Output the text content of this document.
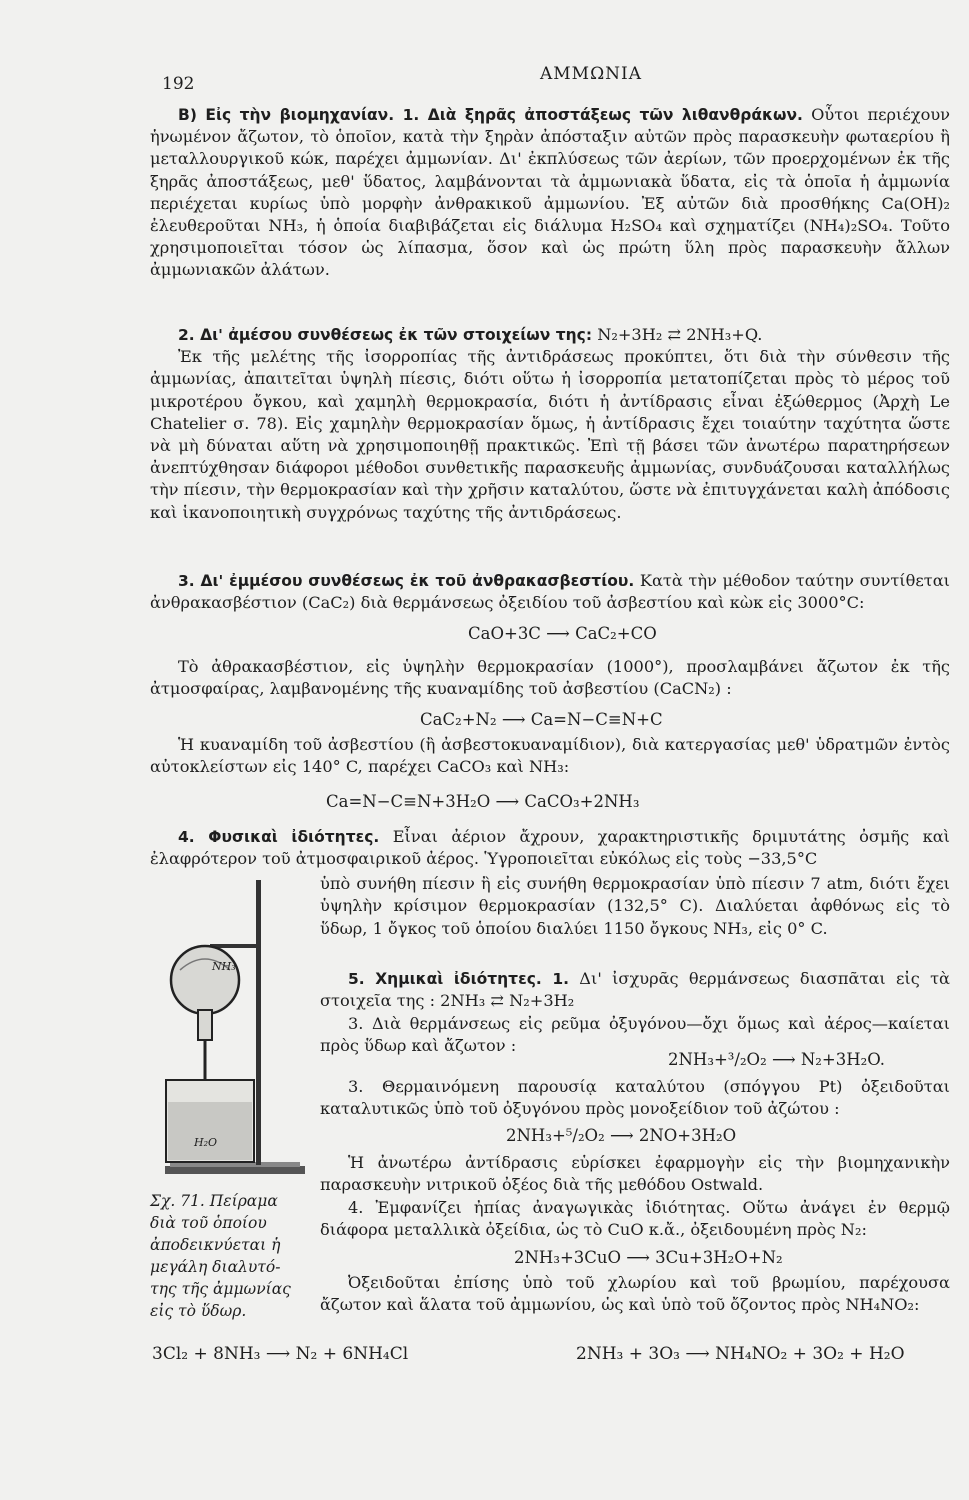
192	ΑΜΜΩΝΙΑ

Β) Εἰς τὴν βιομηχανίαν. 1. Διὰ ξηρᾶς ἀποστάξεως τῶν λιθανθράκων. Οὗτοι περιέχουν ἡνωμένον ἄζωτον, τὸ ὁποῖον, κατὰ τὴν ξηρὰν ἀπόσταξιν αὐτῶν πρὸς παρασκευὴν φωταερίου ἢ μεταλλουργικοῦ κώκ, παρέχει ἀμμωνίαν. Δι' ἐκπλύσεως τῶν ἀερίων, τῶν προερχομένων ἐκ τῆς ξηρᾶς ἀποστάξεως, μεθ' ὕδατος, λαμβάνονται τὰ ἀμμωνιακὰ ὕδατα, εἰς τὰ ὁποῖα ἡ ἀμμωνία περιέχεται κυρίως ὑπὸ μορφὴν ἀνθρακικοῦ ἀμμωνίου. Ἐξ αὐτῶν διὰ προσθήκης Ca(OH)₂ ἐλευθεροῦται NH₃, ἡ ὁποία διαβιβάζεται εἰς διάλυμα H₂SO₄ καὶ σχηματίζει (NH₄)₂SO₄. Τοῦτο χρησιμοποιεῖται τόσον ὡς λίπασμα, ὅσον καὶ ὡς πρώτη ὕλη πρὸς παρασκευὴν ἄλλων ἀμμωνιακῶν ἀλάτων.

2. Δι' ἀμέσου συνθέσεως ἐκ τῶν στοιχείων της: N₂+3H₂ ⇄ 2NH₃+Q.

Ἐκ τῆς μελέτης τῆς ἰσορροπίας τῆς ἀντιδράσεως προκύπτει, ὅτι διὰ τὴν σύνθεσιν τῆς ἀμμωνίας, ἀπαιτεῖται ὑψηλὴ πίεσις, διότι οὕτω ἡ ἰσορροπία μετατοπίζεται πρὸς τὸ μέρος τοῦ μικροτέρου ὄγκου, καὶ χαμηλὴ θερμοκρασία, διότι ἡ ἀντίδρασις εἶναι ἐξώθερμος (Ἀρχὴ Le Chatelier σ. 78). Εἰς χαμηλὴν θερμοκρασίαν ὅμως, ἡ ἀντίδρασις ἔχει τοιαύτην ταχύτητα ὥστε νὰ μὴ δύναται αὕτη νὰ χρησιμοποιηθῇ πρακτικῶς. Ἐπὶ τῇ βάσει τῶν ἀνωτέρω παρατηρήσεων ἀνεπτύχθησαν διάφοροι μέθοδοι συνθετικῆς παρασκευῆς ἀμμωνίας, συνδυάζουσαι καταλλήλως τὴν πίεσιν, τὴν θερμοκρασίαν καὶ τὴν χρῆσιν καταλύτου, ὥστε νὰ ἐπιτυγχάνεται καλὴ ἀπόδοσις καὶ ἱκανοποιητικὴ συγχρόνως ταχύτης τῆς ἀντιδράσεως.

3. Δι' ἐμμέσου συνθέσεως ἐκ τοῦ ἀνθρακασβεστίου. Κατὰ τὴν μέθοδον ταύτην συντίθεται ἀνθρακασβέστιον (CaC₂) διὰ θερμάνσεως ὀξειδίου τοῦ ἀσβεστίου καὶ κὼκ εἰς 3000°C:

CaO+3C ⟶ CaC₂+CO

Τὸ ἀθρακασβέστιον, εἰς ὑψηλὴν θερμοκρασίαν (1000°), προσλαμβάνει ἄζωτον ἐκ τῆς ἀτμοσφαίρας, λαμβανομένης τῆς κυαναμίδης τοῦ ἀσβεστίου (CaCN₂) :

CaC₂+N₂ ⟶ Ca=N−C≡N+C

Ἡ κυαναμίδη τοῦ ἀσβεστίου (ἢ ἀσβεστοκυαναμίδιον), διὰ κατεργασίας μεθ' ὑδρατμῶν ἐντὸς αὐτοκλείστων εἰς 140° C, παρέχει CaCO₃ καὶ NH₃:

Ca=N−C≡N+3H₂O ⟶ CaCO₃+2NH₃

4. Φυσικαὶ ἰδιότητες. Εἶναι ἀέριον ἄχρουν, χαρακτηριστικῆς δριμυτάτης ὀσμῆς καὶ ἐλαφρότερον τοῦ ἀτμοσφαιρικοῦ ἀέρος. Ὑγροποιεῖται εὐκόλως εἰς τοὺς −33,5°C

NH₃
H₂O
Σχ. 71. Πείραμα
διὰ τοῦ ὁποίου
ἀποδεικνύεται ἡ
μεγάλη διαλυτό-
της τῆς ἀμμωνίας
εἰς τὸ ὕδωρ.

ὑπὸ συνήθη πίεσιν ἢ εἰς συνήθη θερμοκρασίαν ὑπὸ πίεσιν 7 atm, διότι ἔχει ὑψηλὴν κρίσιμον θερμοκρασίαν (132,5° C). Διαλύεται ἀφθόνως εἰς τὸ ὕδωρ, 1 ὄγκος τοῦ ὁποίου διαλύει 1150 ὄγκους NH₃, εἰς 0° C.

5. Χημικαὶ ἰδιότητες. 1. Δι' ἰσχυρᾶς θερμάνσεως διασπᾶται εἰς τὰ στοιχεῖα της : 2NH₃ ⇄ N₂+3H₂

3. Διὰ θερμάνσεως εἰς ρεῦμα ὀξυγόνου—ὄχι ὅμως καὶ ἀέρος—καίεται πρὸς ὕδωρ καὶ ἄζωτον :

2NH₃+³/₂O₂ ⟶ N₂+3H₂O.

3. Θερμαινόμενη παρουσίᾳ καταλύτου (σπόγγου Pt) ὀξειδοῦται καταλυτικῶς ὑπὸ τοῦ ὀξυγόνου πρὸς μονοξείδιον τοῦ ἀζώτου :

2NH₃+⁵/₂O₂ ⟶ 2NO+3H₂O

Ἡ ἀνωτέρω ἀντίδρασις εὑρίσκει ἐφαρμογὴν εἰς τὴν βιομηχανικὴν παρασκευὴν νιτρικοῦ ὀξέος διὰ τῆς μεθόδου Ostwald.

4. Ἐμφανίζει ἠπίας ἀναγωγικὰς ἰδιότητας. Οὕτω ἀνάγει ἐν θερμῷ διάφορα μεταλλικὰ ὀξείδια, ὡς τὸ CuO κ.ἄ., ὀξειδουμένη πρὸς N₂:

2NH₃+3CuO ⟶ 3Cu+3H₂O+N₂

Ὀξειδοῦται ἐπίσης ὑπὸ τοῦ χλωρίου καὶ τοῦ βρωμίου, παρέχουσα ἄζωτον καὶ ἅλατα τοῦ ἀμμωνίου, ὡς καὶ ὑπὸ τοῦ ὄζοντος πρὸς NH₄NO₂:

3Cl₂ + 8NH₃ ⟶ N₂ + 6NH₄Cl	2NH₃ + 3O₃ ⟶ NH₄NO₂ + 3O₂ + H₂O
